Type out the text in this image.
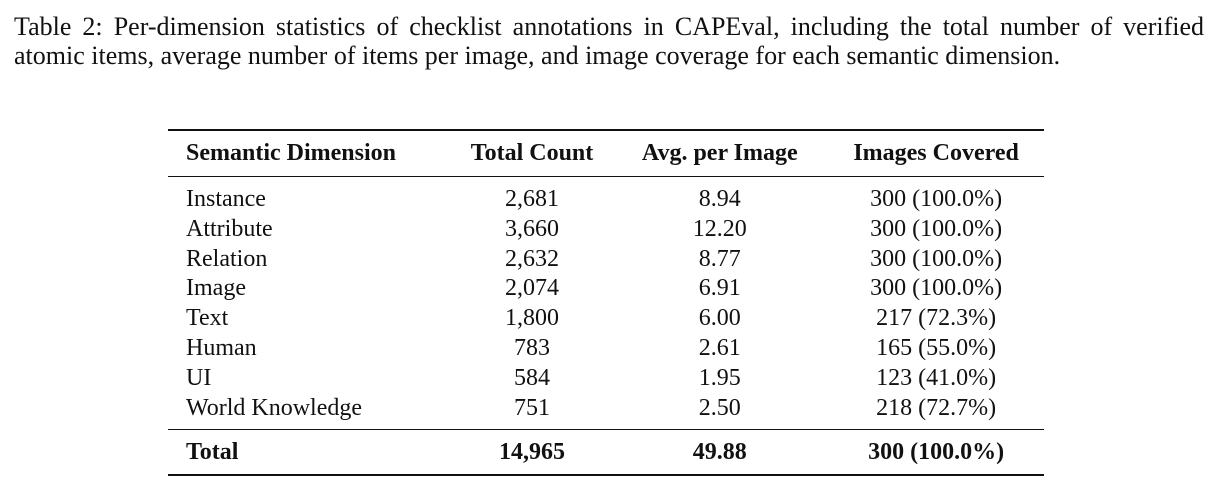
Table 2: Per-dimension statistics of checklist annotations in CAPEval, including the total number of verified atomic items, average number of items per image, and image coverage for each semantic dimension.

Semantic Dimension	Total Count	Avg. per Image	Images Covered
Instance	2,681	8.94	300 (100.0%)
Attribute	3,660	12.20	300 (100.0%)
Relation	2,632	8.77	300 (100.0%)
Image	2,074	6.91	300 (100.0%)
Text	1,800	6.00	217 (72.3%)
Human	783	2.61	165 (55.0%)
UI	584	1.95	123 (41.0%)
World Knowledge	751	2.50	218 (72.7%)
Total	14,965	49.88	300 (100.0%)
